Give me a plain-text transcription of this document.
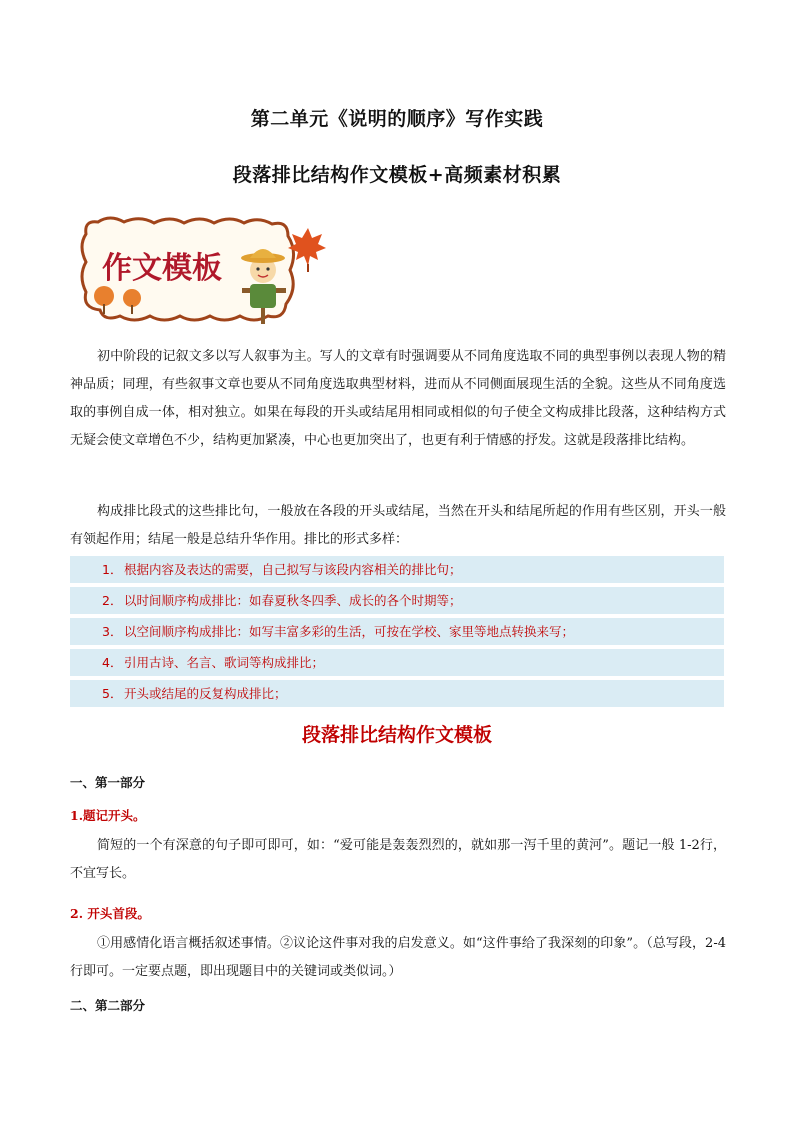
第二单元《说明的顺序》写作实践
段落排比结构作文模板+高频素材积累
作文模板

初中阶段的记叙文多以写人叙事为主。写人的文章有时强调要从不同角度选取不同的典型事例以表现人物的精神品质；同理，有些叙事文章也要从不同角度选取典型材料，进而从不同侧面展现生活的全貌。这些从不同角度选取的事例自成一体，相对独立。如果在每段的开头或结尾用相同或相似的句子使全文构成排比段落，这种结构方式无疑会使文章增色不少，结构更加紧凑，中心也更加突出了，也更有利于情感的抒发。这就是段落排比结构。

构成排比段式的这些排比句，一般放在各段的开头或结尾，当然在开头和结尾所起的作用有些区别，开头一般有领起作用；结尾一般是总结升华作用。排比的形式多样：

1． 根据内容及表达的需要，自己拟写与该段内容相关的排比句；
2． 以时间顺序构成排比：如春夏秋冬四季、成长的各个时期等；
3． 以空间顺序构成排比：如写丰富多彩的生活，可按在学校、家里等地点转换来写；
4． 引用古诗、名言、歌词等构成排比；
5． 开头或结尾的反复构成排比；
段落排比结构作文模板

一、第一部分

1.题记开头。

简短的一个有深意的句子即可即可，如：“爱可能是轰轰烈烈的，就如那一泻千里的黄河”。题记一般 1-2行，不宜写长。

2. 开头首段。

①用感情化语言概括叙述事情。②议论这件事对我的启发意义。如“这件事给了我深刻的印象”。（总写段，2-4 行即可。一定要点题，即出现题目中的关键词或类似词。）

二、第二部分
